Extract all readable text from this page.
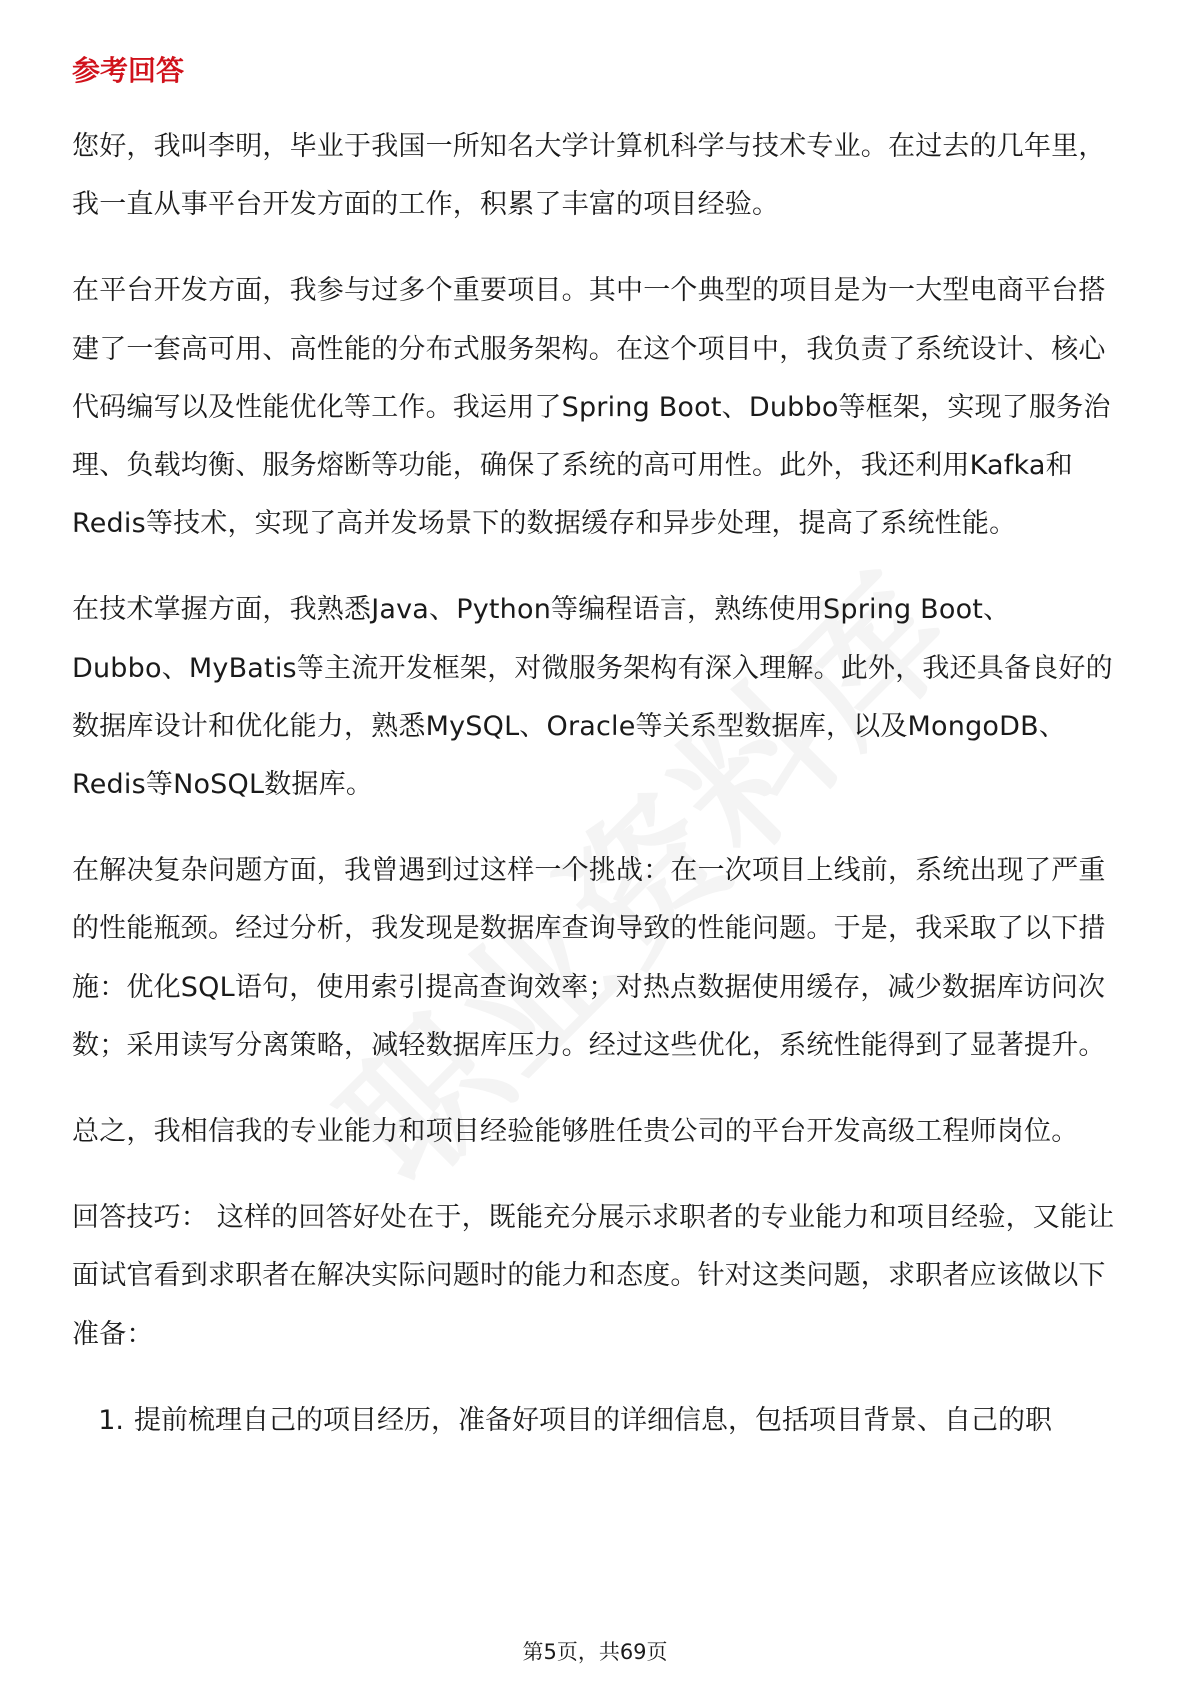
参考回答

您好，我叫李明，毕业于我国一所知名大学计算机科学与技术专业。在过去的几年里，我一直从事平台开发方面的工作，积累了丰富的项目经验。

在平台开发方面，我参与过多个重要项目。其中一个典型的项目是为一大型电商平台搭建了一套高可用、高性能的分布式服务架构。在这个项目中，我负责了系统设计、核心代码编写以及性能优化等工作。我运用了Spring Boot、Dubbo等框架，实现了服务治理、负载均衡、服务熔断等功能，确保了系统的高可用性。此外，我还利用Kafka和Redis等技术，实现了高并发场景下的数据缓存和异步处理，提高了系统性能。

在技术掌握方面，我熟悉Java、Python等编程语言，熟练使用Spring Boot、Dubbo、MyBatis等主流开发框架，对微服务架构有深入理解。此外，我还具备良好的数据库设计和优化能力，熟悉MySQL、Oracle等关系型数据库，以及MongoDB、Redis等NoSQL数据库。

在解决复杂问题方面，我曾遇到过这样一个挑战：在一次项目上线前，系统出现了严重的性能瓶颈。经过分析，我发现是数据库查询导致的性能问题。于是，我采取了以下措施：优化SQL语句，使用索引提高查询效率；对热点数据使用缓存，减少数据库访问次数；采用读写分离策略，减轻数据库压力。经过这些优化，系统性能得到了显著提升。

总之，我相信我的专业能力和项目经验能够胜任贵公司的平台开发高级工程师岗位。

回答技巧： 这样的回答好处在于，既能充分展示求职者的专业能力和项目经验，又能让面试官看到求职者在解决实际问题时的能力和态度。针对这类问题，求职者应该做以下准备：

1. 提前梳理自己的项目经历，准备好项目的详细信息，包括项目背景、自己的职
第5页，共69页
